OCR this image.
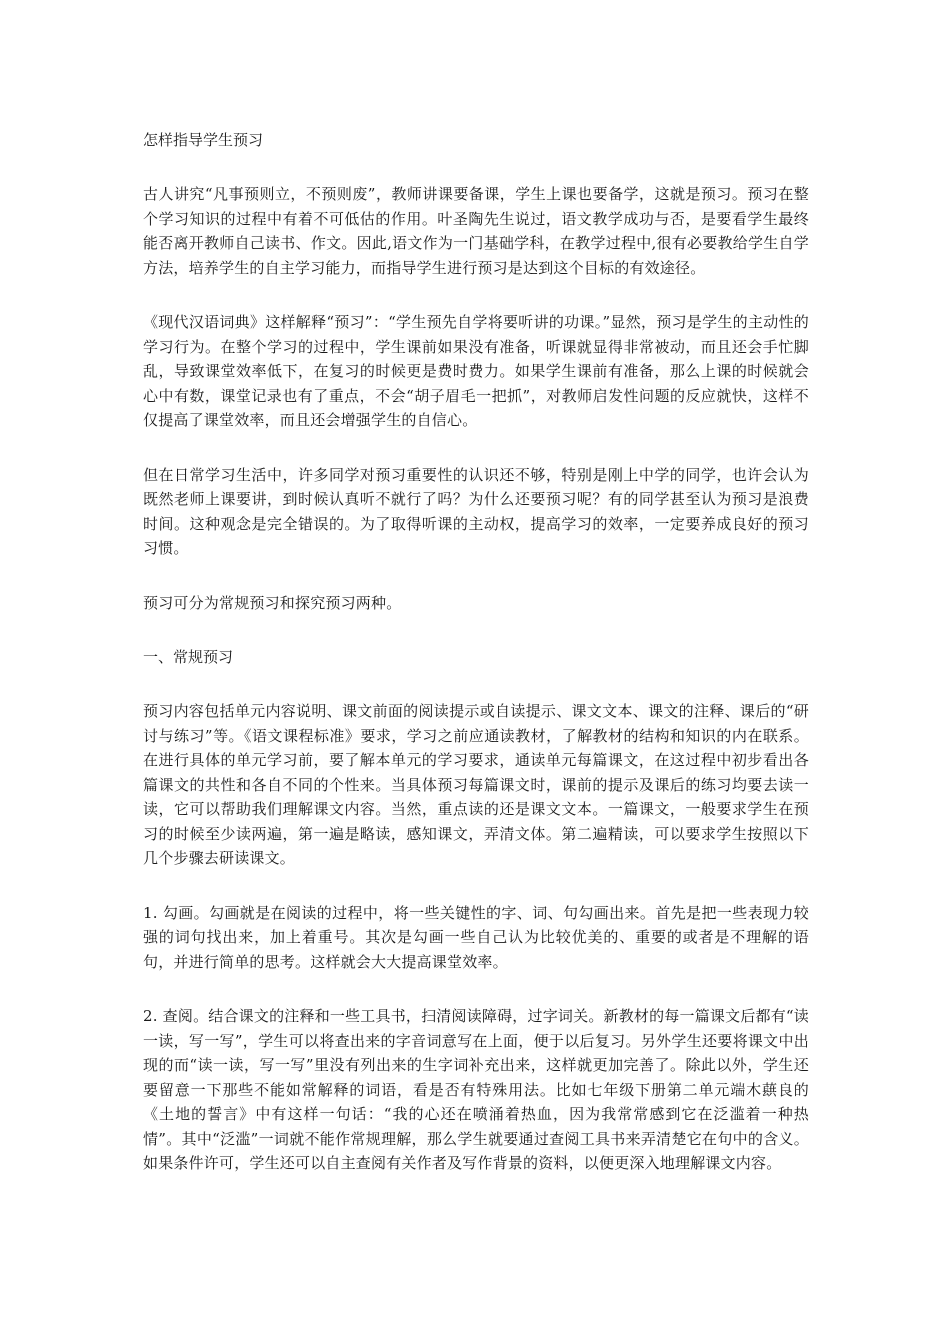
怎样指导学生预习

古人讲究“凡事预则立，不预则废”，教师讲课要备课，学生上课也要备学，这就是预习。预习在整个学习知识的过程中有着不可低估的作用。叶圣陶先生说过，语文教学成功与否，是要看学生最终能否离开教师自己读书、作文。因此,语文作为一门基础学科，在教学过程中,很有必要教给学生自学方法，培养学生的自主学习能力，而指导学生进行预习是达到这个目标的有效途径。

《现代汉语词典》这样解释“预习”：“学生预先自学将要听讲的功课。”显然，预习是学生的主动性的学习行为。在整个学习的过程中，学生课前如果没有准备，听课就显得非常被动，而且还会手忙脚乱，导致课堂效率低下，在复习的时候更是费时费力。如果学生课前有准备，那么上课的时候就会心中有数，课堂记录也有了重点，不会“胡子眉毛一把抓”，对教师启发性问题的反应就快，这样不仅提高了课堂效率，而且还会增强学生的自信心。

但在日常学习生活中，许多同学对预习重要性的认识还不够，特别是刚上中学的同学，也许会认为既然老师上课要讲，到时候认真听不就行了吗？为什么还要预习呢？有的同学甚至认为预习是浪费时间。这种观念是完全错误的。为了取得听课的主动权，提高学习的效率，一定要养成良好的预习习惯。

预习可分为常规预习和探究预习两种。

一、常规预习

预习内容包括单元内容说明、课文前面的阅读提示或自读提示、课文文本、课文的注释、课后的“研讨与练习”等。《语文课程标准》要求，学习之前应通读教材，了解教材的结构和知识的内在联系。在进行具体的单元学习前，要了解本单元的学习要求，通读单元每篇课文，在这过程中初步看出各篇课文的共性和各自不同的个性来。当具体预习每篇课文时，课前的提示及课后的练习均要去读一读，它可以帮助我们理解课文内容。当然，重点读的还是课文文本。一篇课文，一般要求学生在预习的时候至少读两遍，第一遍是略读，感知课文，弄清文体。第二遍精读，可以要求学生按照以下几个步骤去研读课文。

1. 勾画。勾画就是在阅读的过程中，将一些关键性的字、词、句勾画出来。首先是把一些表现力较强的词句找出来，加上着重号。其次是勾画一些自己认为比较优美的、重要的或者是不理解的语句，并进行简单的思考。这样就会大大提高课堂效率。

2. 查阅。结合课文的注释和一些工具书，扫清阅读障碍，过字词关。新教材的每一篇课文后都有“读一读，写一写”，学生可以将查出来的字音词意写在上面，便于以后复习。另外学生还要将课文中出现的而“读一读，写一写”里没有列出来的生字词补充出来，这样就更加完善了。除此以外，学生还要留意一下那些不能如常解释的词语，看是否有特殊用法。比如七年级下册第二单元端木蕻良的《土地的誓言》中有这样一句话：“我的心还在喷涌着热血，因为我常常感到它在泛滥着一种热情”。其中“泛滥”一词就不能作常规理解，那么学生就要通过查阅工具书来弄清楚它在句中的含义。如果条件许可，学生还可以自主查阅有关作者及写作背景的资料，以便更深入地理解课文内容。
